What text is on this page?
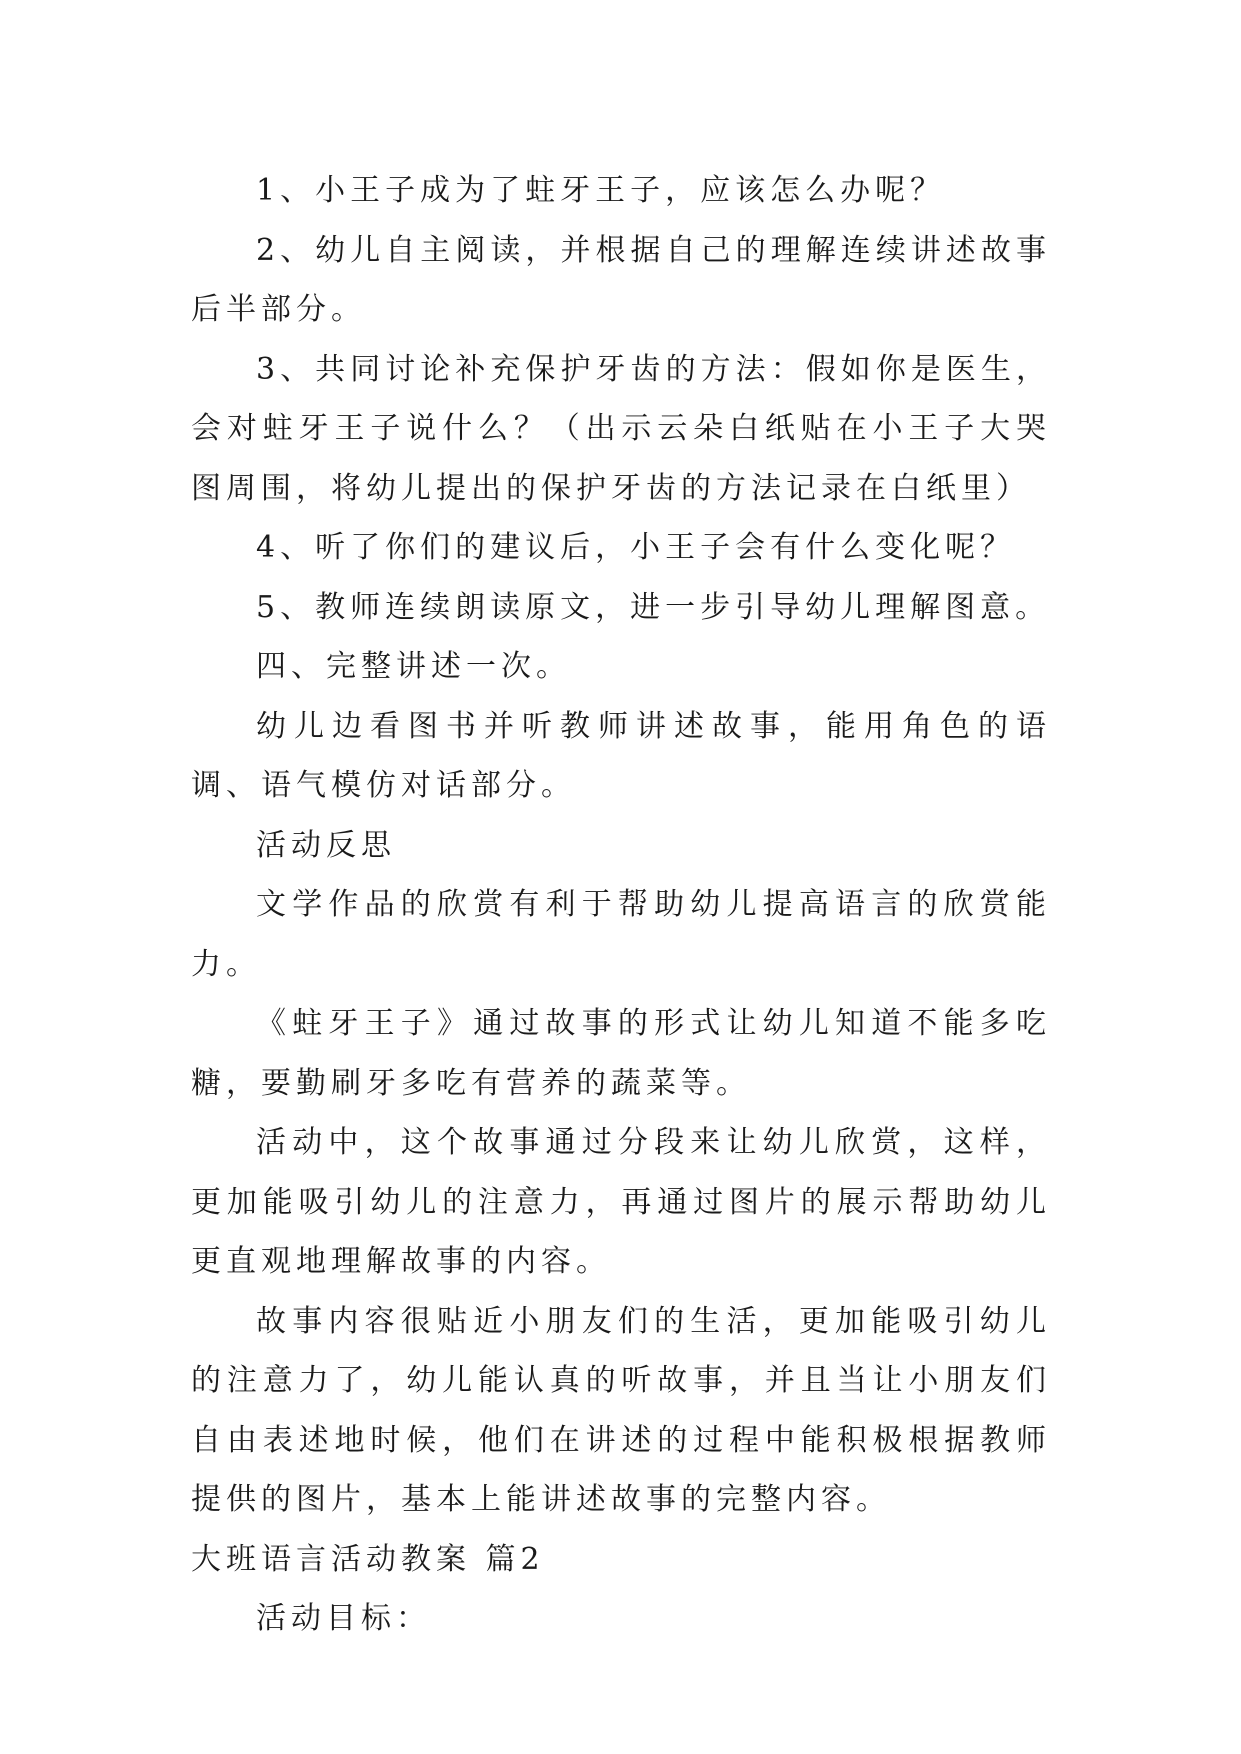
1、小王子成为了蛀牙王子，应该怎么办呢？

2、幼儿自主阅读，并根据自己的理解连续讲述故事后半部分。

3、共同讨论补充保护牙齿的方法：假如你是医生，会对蛀牙王子说什么？（出示云朵白纸贴在小王子大哭图周围，将幼儿提出的保护牙齿的方法记录在白纸里）

4、听了你们的建议后，小王子会有什么变化呢？

5、教师连续朗读原文，进一步引导幼儿理解图意。

四、完整讲述一次。

幼儿边看图书并听教师讲述故事，能用角色的语调、语气模仿对话部分。

活动反思

文学作品的欣赏有利于帮助幼儿提高语言的欣赏能力。

《蛀牙王子》通过故事的形式让幼儿知道不能多吃糖，要勤刷牙多吃有营养的蔬菜等。

活动中，这个故事通过分段来让幼儿欣赏，这样，更加能吸引幼儿的注意力，再通过图片的展示帮助幼儿更直观地理解故事的内容。

故事内容很贴近小朋友们的生活，更加能吸引幼儿的注意力了，幼儿能认真的听故事，并且当让小朋友们自由表述地时候，他们在讲述的过程中能积极根据教师提供的图片，基本上能讲述故事的完整内容。

大班语言活动教案 篇2

活动目标：
